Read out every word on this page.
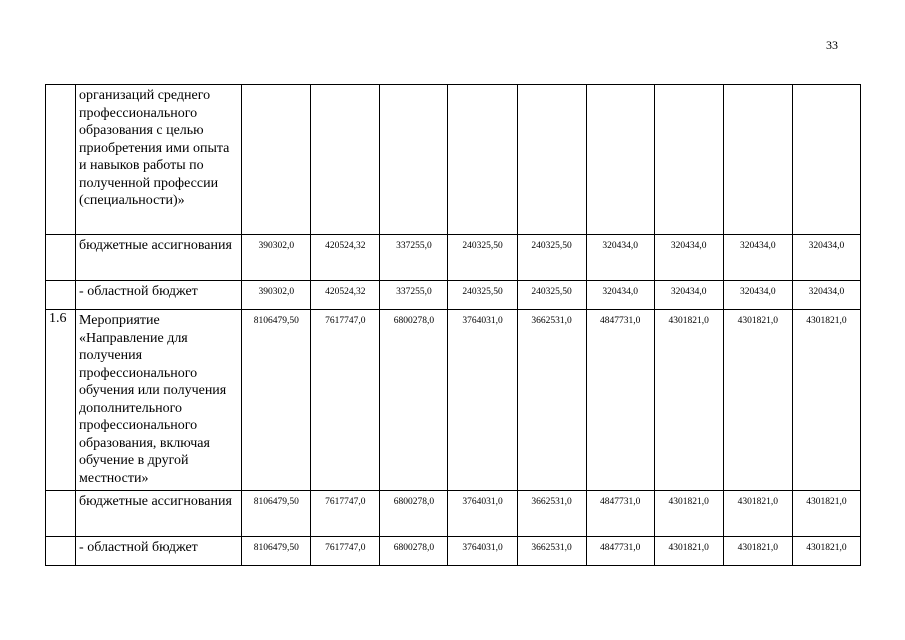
33
	организаций среднего профессионального образования с целью приобретения ими опыта и навыков работы по полученной профессии (специальности)»									
	бюджетные ассигнования	390302,0	420524,32	337255,0	240325,50	240325,50	320434,0	320434,0	320434,0	320434,0
	- областной бюджет	390302,0	420524,32	337255,0	240325,50	240325,50	320434,0	320434,0	320434,0	320434,0
1.6	Мероприятие «Направление для получения профессионального обучения или получения дополнительного профессионального образования, включая обучение в другой местности»	8106479,50	7617747,0	6800278,0	3764031,0	3662531,0	4847731,0	4301821,0	4301821,0	4301821,0
	бюджетные ассигнования	8106479,50	7617747,0	6800278,0	3764031,0	3662531,0	4847731,0	4301821,0	4301821,0	4301821,0
	- областной бюджет	8106479,50	7617747,0	6800278,0	3764031,0	3662531,0	4847731,0	4301821,0	4301821,0	4301821,0
